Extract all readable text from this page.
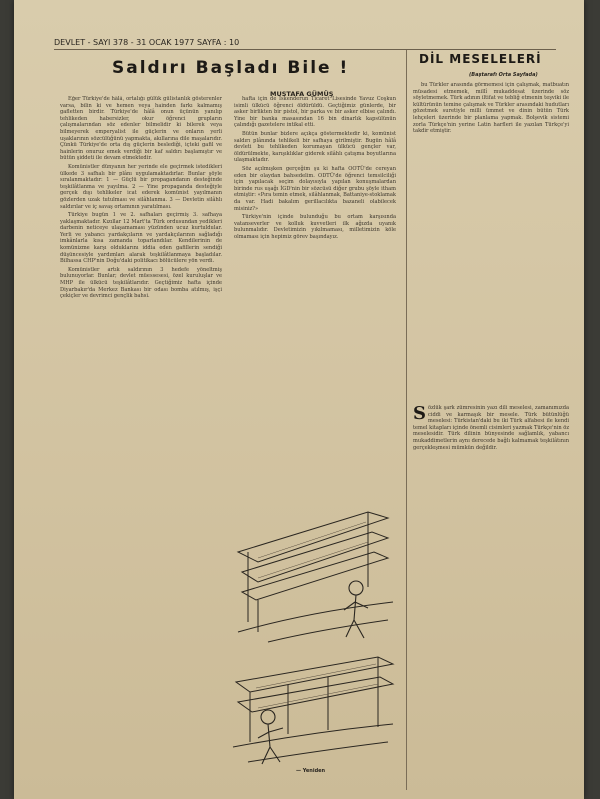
DEVLET - SAYI 378 - 31 OCAK 1977 SAYFA : 10
Saldırı Başladı Bile !
MUSTAFA GÜMÜŞ

Eğer Türkiye'de hâlâ, ortalığı gülük gülistanlık gösterenler varsa, bilin ki ve hemen veya hainden farkı kalmamış gafletten birdir. Türkiye'de hâlâ onun üçünün yanılıp tehlikeden habersizler, okur öğrenci grupların çalışmalarından söz edenler bilmelidir ki bilerek veya bilmeyerek emperyalist ile güçlerin ve onların yerli uşaklarının sözcülüğünü yapmakta, akıllarına dile maşalarıdır. Çünkü Türkiye'de orta dış güçlerin beslediği, içteki gafil ve hainlerin onuruz emek verdiği bir kaf saldırı başlamıştır ve bütün şiddeti ile devam etmektedir.

Komünistler dünyanın her yerinde ele geçirmek istedikleri ülkede 3 safhalı bir plânı uygulamaktadırlar. Bunlar şöyle sıralanmaktadır: 1 — Güçlü bir propagandanın desteğinde teşkilâtlanma ve yayılma. 2 — Yine propaganda desteğiyle gerçek dışı tehlikeler icat ederek komünist yayılmanın gözlerden uzak tutulması ve silâhlanma. 3 — Devletin silâhlı saldırılar ve iç savaş ortamının yaratılması.

Türkiye bugün 1 ve 2. safhaları geçirmiş 3. safhaya yaklaşmaktadır. Kızıllar 12 Mart'ta Türk ordusundan yedikleri darbenin neticeye ulaşamaması yüzünden ucuz kurtuldular. Yerli ve yabancı yardakçıların ve yardakçılarının sağladığı imkânlarla kısa zamanda toparlandılar. Kendilerinin de komünizme karşı olduklarını iddia eden gafillerin sendiği düşüncesiyle yardımları alarak teşkilâtlanmaya başladılar. Bilhassa CHP'nin Doğu'daki politikacı bölücülere yön verdi.

Komünistler artık saldırının 3 hedefe yöneltmiş bulunuyorlar. Bunlar; devlet müessesesi, özel kuruluşlar ve MHP ile ülkücü teşkilâtlarıdır. Geçtiğimiz hafta içinde Diyarbakır'da Merkez Bankası bir odası bomba atılmış, işçi çekiçler ve devrimci gençlik bahsi.

hafta için de İskenderun Ticaret Lisesinde Yavuz Coşkun isimli ülkücü öğrenci öldürüldü. Geçtiğimiz günlerde, bir asker birlikten bir pistol, bir parka ve bir asker elbise çalındı. Yine bir banka masasından 16 bin dinarlık kapsülünün çalındığı gazetelere intikal etti.

Bütün bunlar bizlere açıkça göstermektedir ki, komünist saldırı plânında tehlikeli bir safhaya girilmiştir. Bugün hâlâ devleti bu tehlikeden korumayan ülkücü gençler var, öldürülmekte, karışıklıklar giderek silâhlı çatışma boyutlarına ulaşmaktadır.

Söz açılmışken gerçeğim şu ki hafta OOTÜ'de cereyan eden bir olaydan bahsedelim. ODTÜ'de öğrenci temsilciliği için yapılacak seçim dolayısıyla yapılan konuşmalardan birinde rus uşağı İGD'nin bir sözcüsü diğer grubu şöyle itham etmiştir: «Pıra temin etmek, silâhlanmak, Battaniye-stoklamak da var. Hadi bakalım gerillacılıkta bazaneli olabilecek misiniz?»

Türkiye'nin içinde bulunduğu bu ortam karşısında vatanseverler ve kolluk kuvvetleri ilk ağızda uyanık bulunmalıdır. Devletimizin yıkılmaması, milletimizin köle olmaması için hepimiz görev başındayız.

— Yeniden
DİL MESELELERİ
(Baştarafı Orta Sayfada)

bu Türkler arasında görmemesi için çalışmak, matbuatın müsadesi etmemek, millî mukaddesat üzerinde söz söyletmemek. Türk adının iltifat ve tebliğ etmenin teşviki ile kültürünün temine çalışmak ve Türkler arasındaki hudutları gözetmek suretiyle milli ümmet ve dinin bütün Türk lehçeleri üzerinde bir planlama yapmak. Bolşevik sistemi zorla Türkçe'nin yerine Latin harfleri ile yazılan Türkçe'yi takdir etmiştir.

S özlük şark zümresinin yazı dili meselesi, zamanımızda ciddi ve karmaşık bir mesele. Türk bütünlüğü meselesi: Türkistan'daki bu iki Türk alfabesi ile kendi temel kitapları içinde önemli cisimleri yazmak Türkçe'nin öz meselesidir. Türk dilinin bünyesinde sağlamlık, yabancı mukaddimetlerin aynı derecede bağlı kalmamak teşkilâtının gerçekleşmesi mümkün değildir.
